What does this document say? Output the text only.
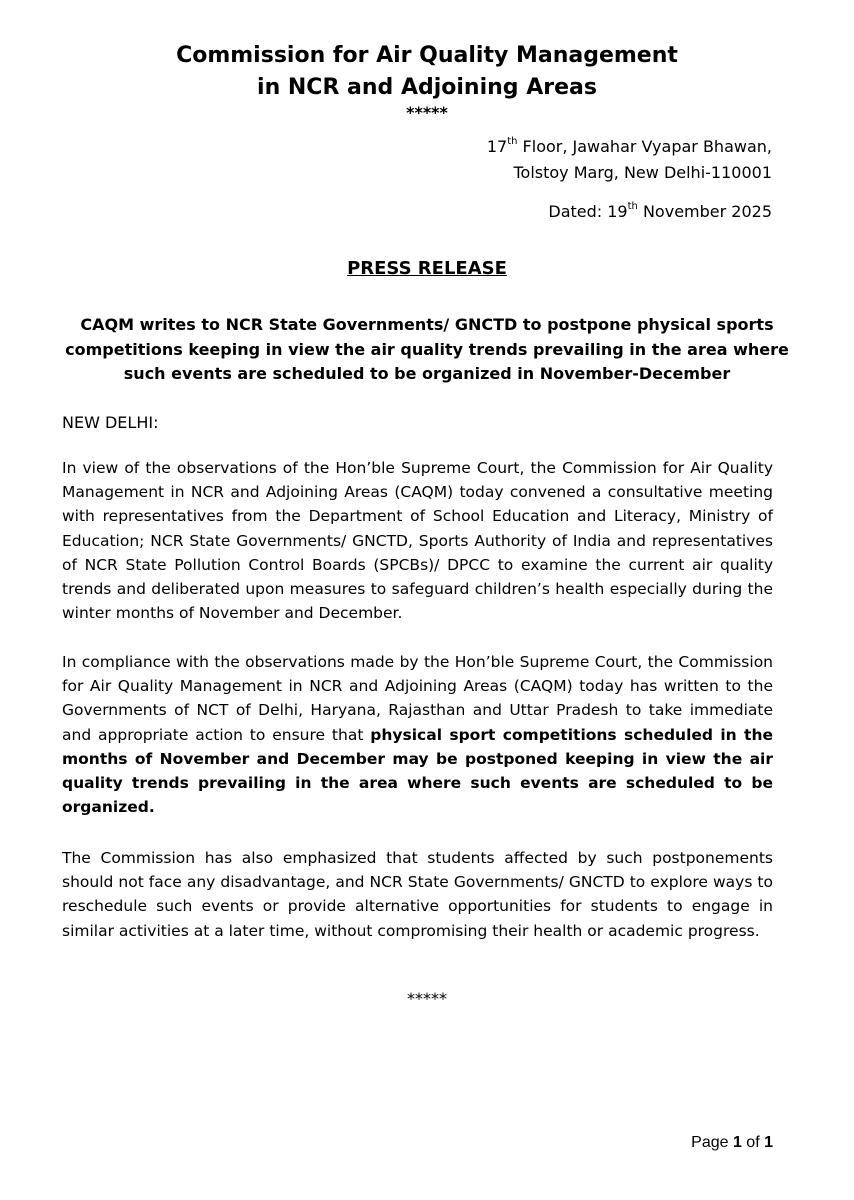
Commission for Air Quality Management
in NCR and Adjoining Areas
*****
17th Floor, Jawahar Vyapar Bhawan,
Tolstoy Marg, New Delhi-110001
Dated: 19th November 2025
PRESS RELEASE
CAQM writes to NCR State Governments/ GNCTD to postpone physical sports competitions keeping in view the air quality trends prevailing in the area where such events are scheduled to be organized in November-December
NEW DELHI:

In view of the observations of the Hon’ble Supreme Court, the Commission for Air Quality Management in NCR and Adjoining Areas (CAQM) today convened a consultative meeting with representatives from the Department of School Education and Literacy, Ministry of Education; NCR State Governments/ GNCTD, Sports Authority of India and representatives of NCR State Pollution Control Boards (SPCBs)/ DPCC to examine the current air quality trends and deliberated upon measures to safeguard children’s health especially during the winter months of November and December.

In compliance with the observations made by the Hon’ble Supreme Court, the Commission for Air Quality Management in NCR and Adjoining Areas (CAQM) today has written to the Governments of NCT of Delhi, Haryana, Rajasthan and Uttar Pradesh to take immediate and appropriate action to ensure that physical sport competitions scheduled in the months of November and December may be postponed keeping in view the air quality trends prevailing in the area where such events are scheduled to be organized.

The Commission has also emphasized that students affected by such postponements should not face any disadvantage, and NCR State Governments/ GNCTD to explore ways to reschedule such events or provide alternative opportunities for students to engage in similar activities at a later time, without compromising their health or academic progress.

*****
Page 1 of 1
